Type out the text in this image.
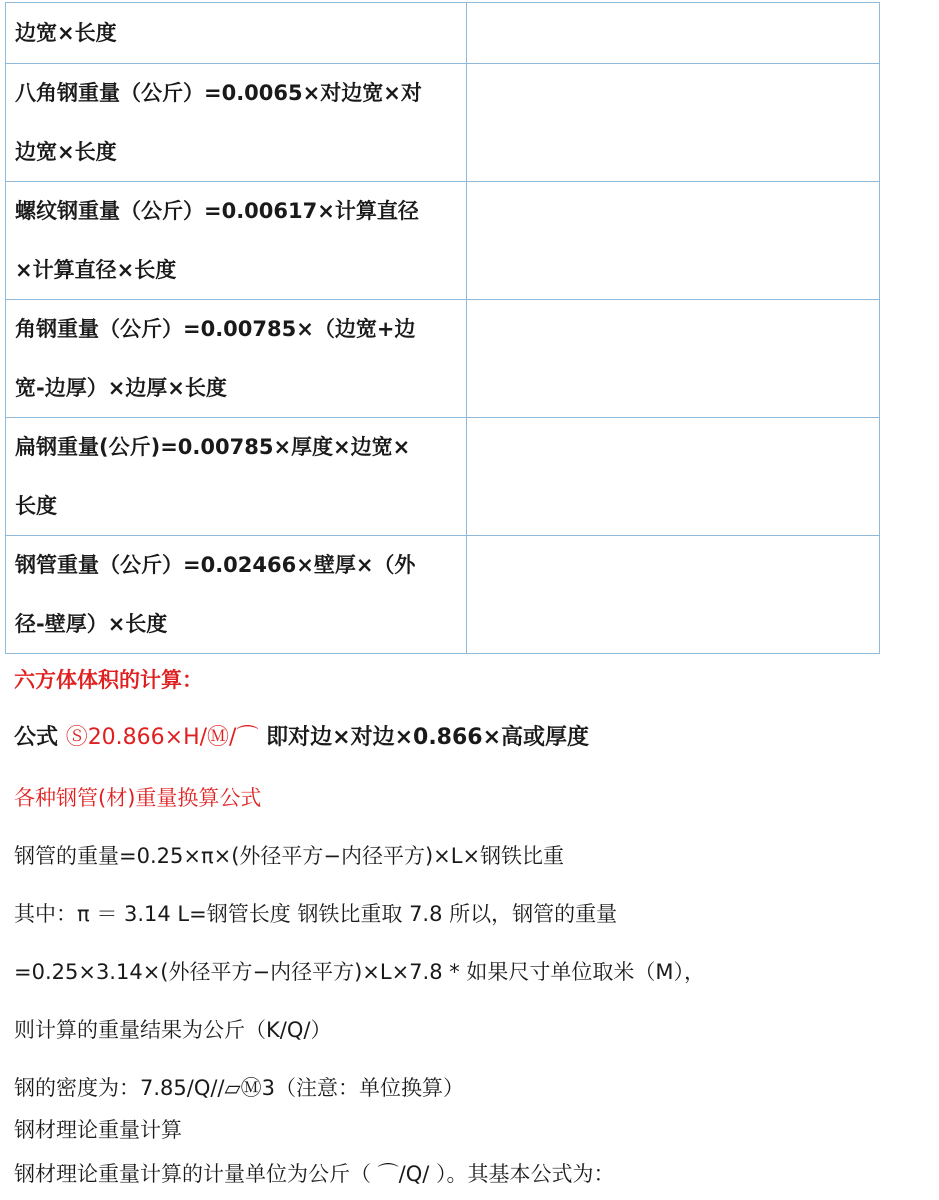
边宽×长度	

八角钢重量（公斤）=0.0065×对边宽×对
边宽×长度	

螺纹钢重量（公斤）=0.00617×计算直径
×计算直径×长度	

角钢重量（公斤）=0.00785×（边宽+边
宽-边厚）×边厚×长度	

扁钢重量(公斤)=0.00785×厚度×边宽×
长度	

钢管重量（公斤）=0.02466×壁厚×（外
径-壁厚）×长度	

六方体体积的计算：
公式 Ⓢ20.866×H/Ⓜ/⌒ 即对边×对边×0.866×高或厚度
各种钢管(材)重量换算公式
钢管的重量=0.25×π×(外径平方−内径平方)×L×钢铁比重
其中：π ＝ 3.14 L=钢管长度 钢铁比重取 7.8 所以，钢管的重量
=0.25×3.14×(外径平方−内径平方)×L×7.8 * 如果尺寸单位取米（M），
则计算的重量结果为公斤（K/Q/）
钢的密度为：7.85/Q//▱Ⓜ3（注意：单位换算）
钢材理论重量计算
钢材理论重量计算的计量单位为公斤（ ⌒/Q/ ）。其基本公式为：
